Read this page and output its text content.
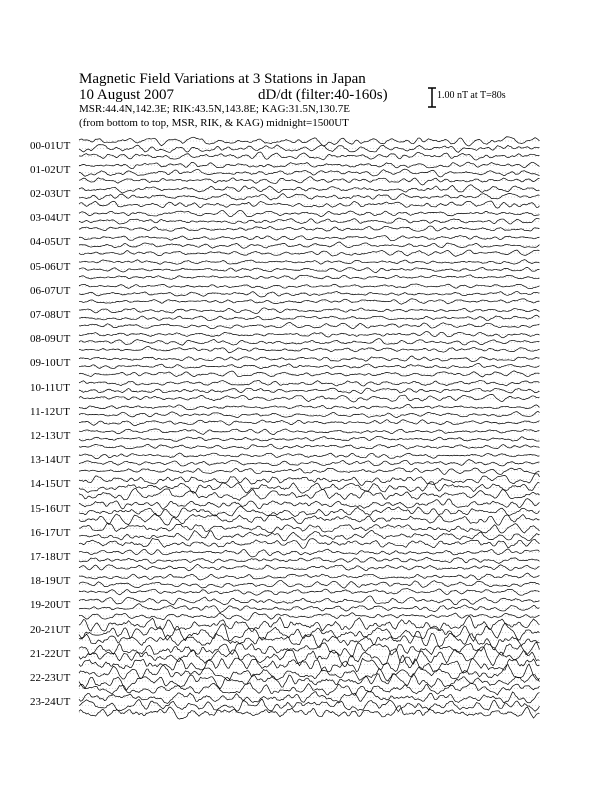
Magnetic Field Variations at 3 Stations in Japan
10 August 2007	dD/dt (filter:40-160s)
MSR:44.4N,142.3E; RIK:43.5N,143.8E; KAG:31.5N,130.7E
(from bottom to top, MSR, RIK, & KAG) midnight=1500UT
1.00 nT at T=80s
00-01UT
01-02UT
02-03UT
03-04UT
04-05UT
05-06UT
06-07UT
07-08UT
08-09UT
09-10UT
10-11UT
11-12UT
12-13UT
13-14UT
14-15UT
15-16UT
16-17UT
17-18UT
18-19UT
19-20UT
20-21UT
21-22UT
22-23UT
23-24UT
